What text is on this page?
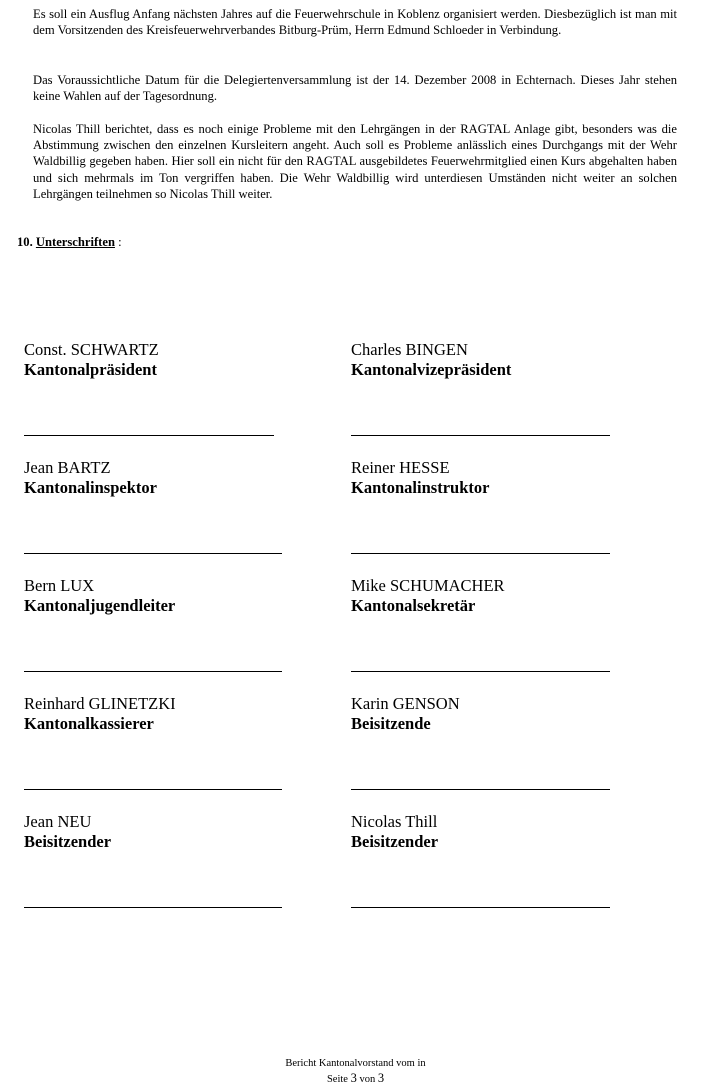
Es soll ein Ausflug Anfang nächsten Jahres auf die Feuerwehrschule in Koblenz organisiert werden. Diesbezüglich ist man mit dem Vorsitzenden des Kreisfeuerwehrverbandes Bitburg-Prüm, Herrn Edmund Schloeder in Verbindung.

Das Voraussichtliche Datum für die Delegiertenversammlung ist der 14. Dezember 2008 in Echternach. Dieses Jahr stehen keine Wahlen auf der Tagesordnung.

Nicolas Thill berichtet, dass es noch einige Probleme mit den Lehrgängen in der RAGTAL Anlage gibt, besonders was die Abstimmung zwischen den einzelnen Kursleitern angeht. Auch soll es Probleme anlässlich eines Durchgangs mit der Wehr Waldbillig gegeben haben. Hier soll ein nicht für den RAGTAL ausgebildetes Feuerwehrmitglied einen Kurs abgehalten haben und sich mehrmals im Ton vergriffen haben. Die Wehr Waldbillig wird unterdiesen Umständen nicht weiter an solchen Lehrgängen teilnehmen so Nicolas Thill weiter.

10. Unterschriften :
Const. SCHWARTZ
Kantonalpräsident
Charles BINGEN
Kantonalvizepräsident
Jean BARTZ
Kantonalinspektor
Reiner HESSE
Kantonalinstruktor
Bern LUX
Kantonaljugendleiter
Mike SCHUMACHER
Kantonalsekretär
Reinhard GLINETZKI
Kantonalkassierer
Karin GENSON
Beisitzende
Jean NEU
Beisitzender
Nicolas Thill
Beisitzender
Bericht Kantonalvorstand vom in
Seite 3 von 3
